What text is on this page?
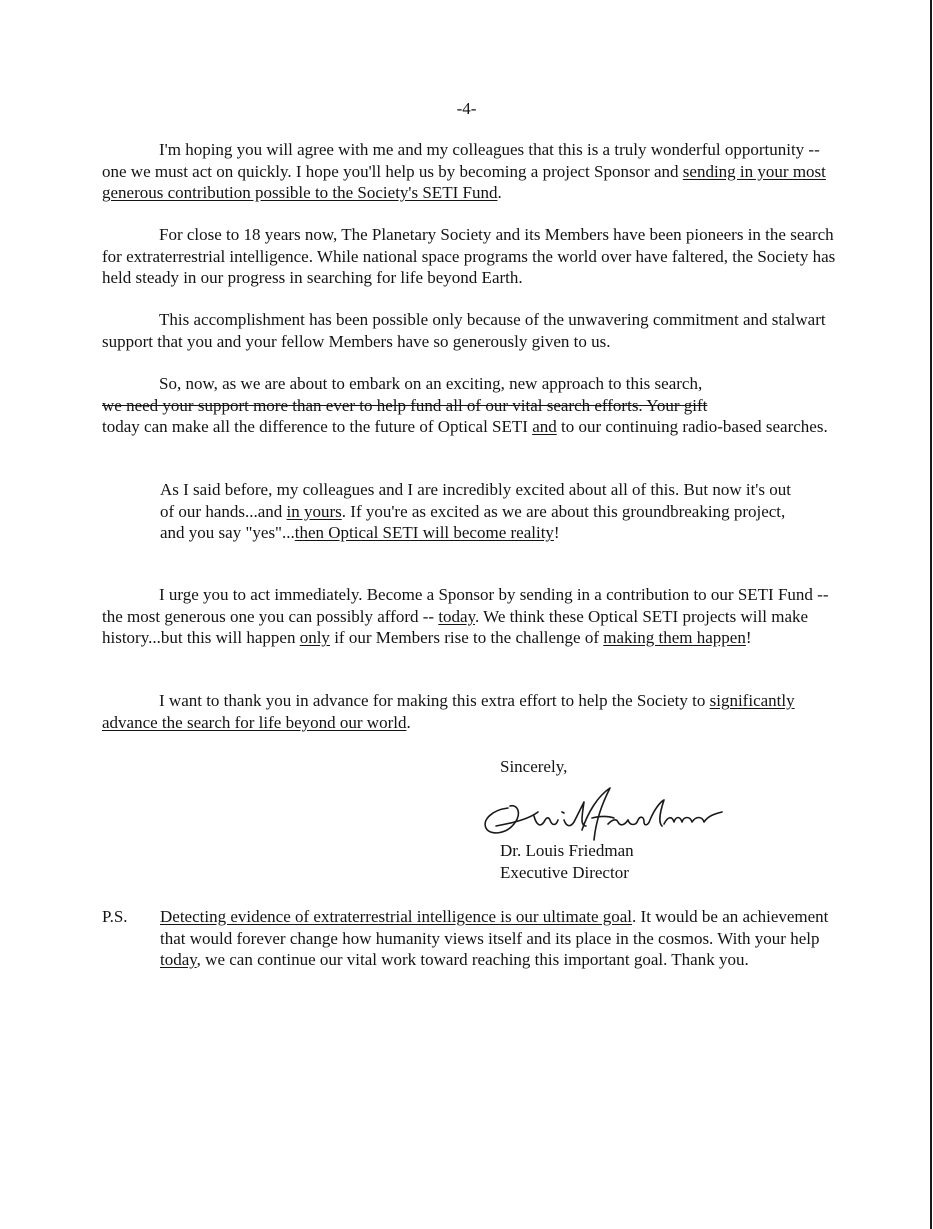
-4-

I'm hoping you will agree with me and my colleagues that this is a truly wonderful opportunity -- one we must act on quickly. I hope you'll help us by becoming a project Sponsor and sending in your most generous contribution possible to the Society's SETI Fund.

For close to 18 years now, The Planetary Society and its Members have been pioneers in the search for extraterrestrial intelligence. While national space programs the world over have faltered, the Society has held steady in our progress in searching for life beyond Earth.

This accomplishment has been possible only because of the unwavering commitment and stalwart support that you and your fellow Members have so generously given to us.

So, now, as we are about to embark on an exciting, new approach to this search,
we need your support more than ever to help fund all of our vital search efforts. Your gift
today can make all the difference to the future of Optical SETI and to our continuing radio-based searches.

As I said before, my colleagues and I are incredibly excited about all of this. But now it's out of our hands...and in yours. If you're as excited as we are about this groundbreaking project, and you say "yes"...then Optical SETI will become reality!

I urge you to act immediately. Become a Sponsor by sending in a contribution to our SETI Fund -- the most generous one you can possibly afford -- today. We think these Optical SETI projects will make history...but this will happen only if our Members rise to the challenge of making them happen!

I want to thank you in advance for making this extra effort to help the Society to significantly advance the search for life beyond our world.

Sincerely,
Dr. Louis Friedman
Executive Director
P.S. Detecting evidence of extraterrestrial intelligence is our ultimate goal. It would be an achievement that would forever change how humanity views itself and its place in the cosmos. With your help today, we can continue our vital work toward reaching this important goal. Thank you.
